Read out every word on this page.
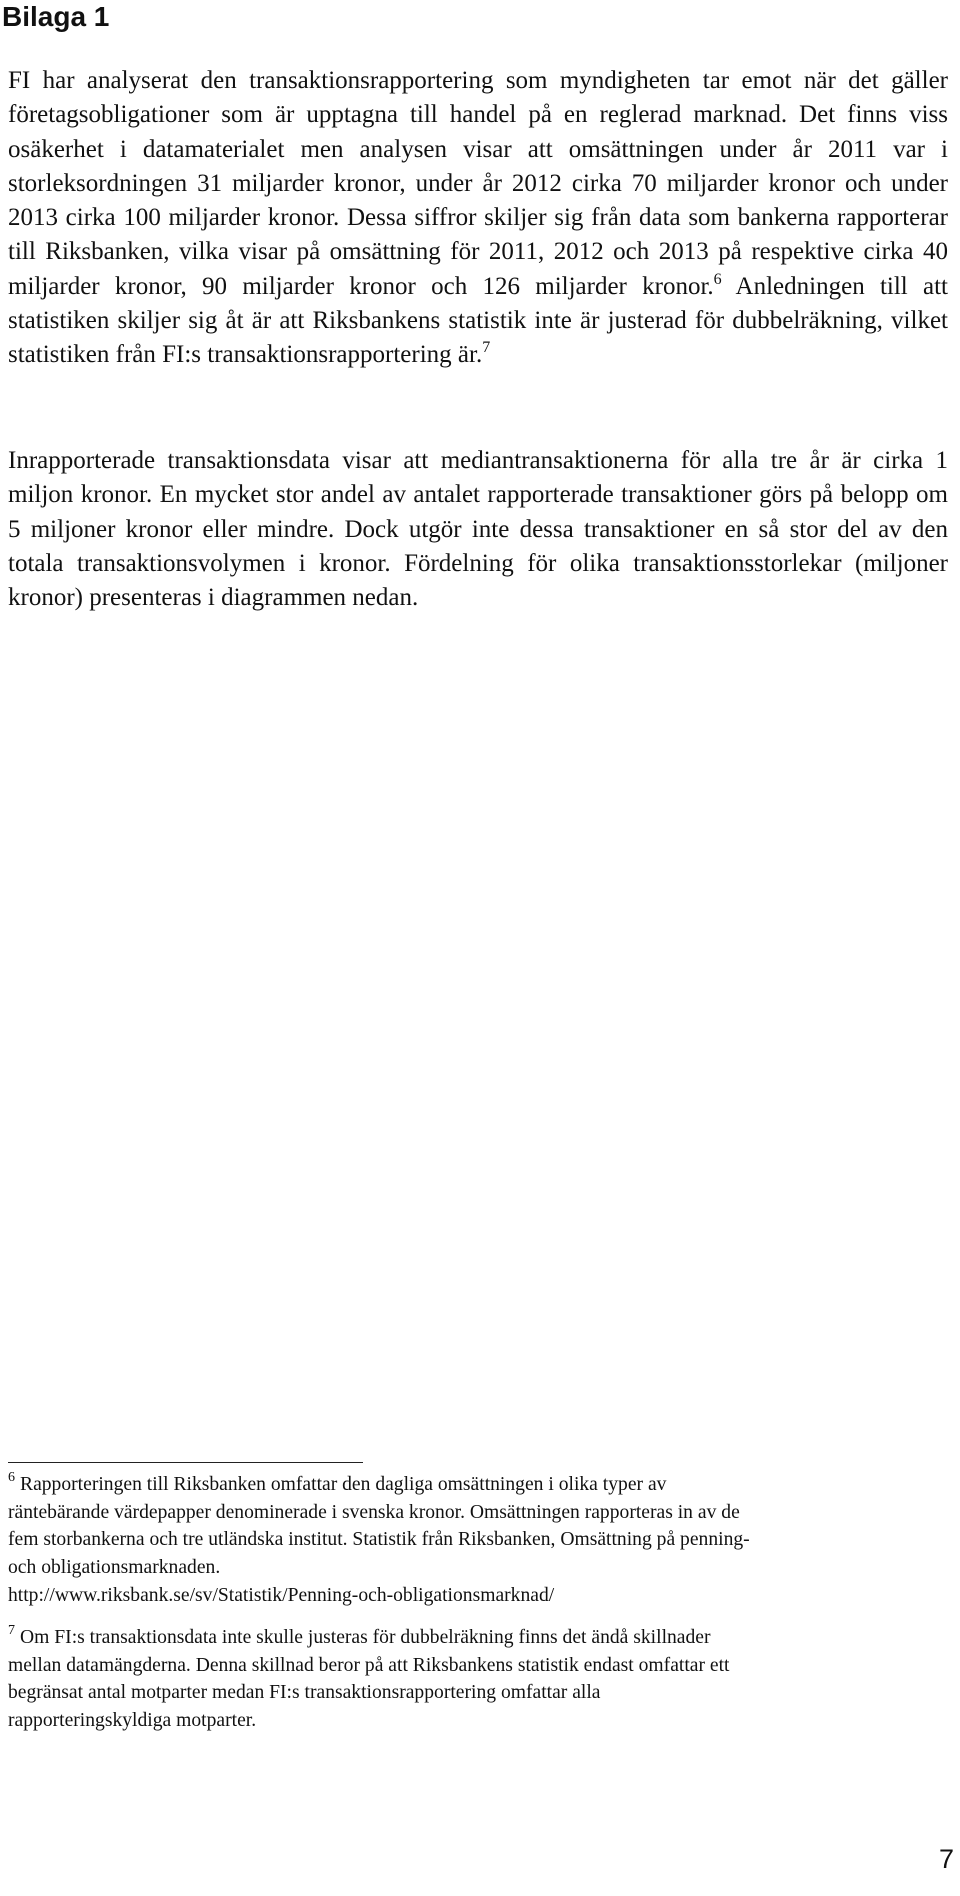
Bilaga 1

FI har analyserat den transaktionsrapportering som myndigheten tar emot när det gäller företagsobligationer som är upptagna till handel på en reglerad marknad. Det finns viss osäkerhet i datamaterialet men analysen visar att omsättningen under år 2011 var i storleksordningen 31 miljarder kronor, under år 2012 cirka 70 miljarder kronor och under 2013 cirka 100 miljarder kronor. Dessa siffror skiljer sig från data som bankerna rapporterar till Riksbanken, vilka visar på omsättning för 2011, 2012 och 2013 på respektive cirka 40 miljarder kronor, 90 miljarder kronor och 126 miljarder kronor.$^6$ Anledningen till att statistiken skiljer sig åt är att Riksbankens statistik inte är justerad för dubbelräkning, vilket statistiken från FI:s transaktionsrapportering är.$^7$

Inrapporterade transaktionsdata visar att mediantransaktionerna för alla tre år är cirka 1 miljon kronor. En mycket stor andel av antalet rapporterade transaktioner görs på belopp om 5 miljoner kronor eller mindre. Dock utgör inte dessa transaktioner en så stor del av den totala transaktionsvolymen i kronor. Fördelning för olika transaktionsstorlekar (miljoner kronor) presenteras i diagrammen nedan.

$^6$ Rapporteringen till Riksbanken omfattar den dagliga omsättningen i olika typer av
räntebärande värdepapper denominerade i svenska kronor. Omsättningen rapporteras in av de
fem storbankerna och tre utländska institut. Statistik från Riksbanken, Omsättning på penning-
och obligationsmarknaden.
http://www.riksbank.se/sv/Statistik/Penning-och-obligationsmarknad/
$^7$ Om FI:s transaktionsdata inte skulle justeras för dubbelräkning finns det ändå skillnader
mellan datamängderna. Denna skillnad beror på att Riksbankens statistik endast omfattar ett
begränsat antal motparter medan FI:s transaktionsrapportering omfattar alla
rapporteringskyldiga motparter.
7
